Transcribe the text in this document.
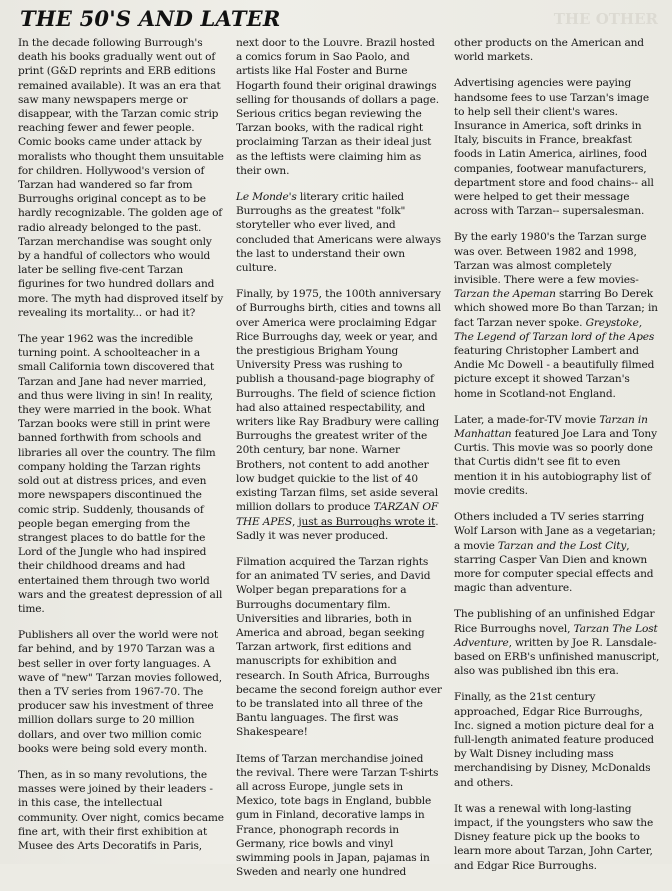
THE OTHER
THE 50'S AND LATER

In the decade following Burrough's death his books gradually went out of print (G&D reprints and ERB editions remained available). It was an era that saw many newspapers merge or disappear, with the Tarzan comic strip reaching fewer and fewer people. Comic books came under attack by moralists who thought them unsuitable for children. Hollywood's version of Tarzan had wandered so far from Burroughs original concept as to be hardly recognizable. The golden age of radio already belonged to the past. Tarzan merchandise was sought only by a handful of collectors who would later be selling five-cent Tarzan figurines for two hundred dollars and more. The myth had disproved itself by revealing its mortality... or had it?

The year 1962 was the incredible turning point. A schoolteacher in a small California town discovered that Tarzan and Jane had never married, and thus were living in sin! In reality, they were married in the book. What Tarzan books were still in print were banned forthwith from schools and libraries all over the country. The film company holding the Tarzan rights sold out at distress prices, and even more newspapers discontinued the comic strip. Suddenly, thousands of people began emerging from the strangest places to do battle for the Lord of the Jungle who had inspired their childhood dreams and had entertained them through two world wars and the greatest depression of all time.

Publishers all over the world were not far behind, and by 1970 Tarzan was a best seller in over forty languages. A wave of "new" Tarzan movies followed, then a TV series from 1967-70. The producer saw his investment of three million dollars surge to 20 million dollars, and over two million comic books were being sold every month.

Then, as in so many revolutions, the masses were joined by their leaders - in this case, the intellectual community. Over night, comics became fine art, with their first exhibition at Musee des Arts Decoratifs in Paris,

next door to the Louvre. Brazil hosted a comics forum in Sao Paolo, and artists like Hal Foster and Burne Hogarth found their original drawings selling for thousands of dollars a page. Serious critics began reviewing the Tarzan books, with the radical right proclaiming Tarzan as their ideal just as the leftists were claiming him as their own.

Le Monde's literary critic hailed Burroughs as the greatest "folk" storyteller who ever lived, and concluded that Americans were always the last to understand their own culture.

Finally, by 1975, the 100th anniversary of Burroughs birth, cities and towns all over America were proclaiming Edgar Rice Burroughs day, week or year, and the prestigious Brigham Young University Press was rushing to publish a thousand-page biography of Burroughs. The field of science fiction had also attained respectability, and writers like Ray Bradbury were calling Burroughs the greatest writer of the 20th century, bar none. Warner Brothers, not content to add another low budget quickie to the list of 40 existing Tarzan films, set aside several million dollars to produce TARZAN OF THE APES, just as Burroughs wrote it. Sadly it was never produced.

Filmation acquired the Tarzan rights for an animated TV series, and David Wolper began preparations for a Burroughs documentary film. Universities and libraries, both in America and abroad, began seeking Tarzan artwork, first editions and manuscripts for exhibition and research. In South Africa, Burroughs became the second foreign author ever to be translated into all three of the Bantu languages. The first was Shakespeare!

Items of Tarzan merchandise joined the revival. There were Tarzan T-shirts all across Europe, jungle sets in Mexico, tote bags in England, bubble gum in Finland, decorative lamps in France, phonograph records in Germany, rice bowls and vinyl swimming pools in Japan, pajamas in Sweden and nearly one hundred

other products on the American and world markets.

Advertising agencies were paying handsome fees to use Tarzan's image to help sell their client's wares. Insurance in America, soft drinks in Italy, biscuits in France, breakfast foods in Latin America, airlines, food companies, footwear manufacturers, department store and food chains-- all were helped to get their message across with Tarzan-- supersalesman.

By the early 1980's the Tarzan surge was over. Between 1982 and 1998, Tarzan was almost completely invisible. There were a few movies-Tarzan the Apeman starring Bo Derek which showed more Bo than Tarzan; in fact Tarzan never spoke. Greystoke, The Legend of Tarzan lord of the Apes featuring Christopher Lambert and Andie Mc Dowell - a beautifully filmed picture except it showed Tarzan's home in Scotland-not England.

Later, a made-for-TV movie Tarzan in Manhattan featured Joe Lara and Tony Curtis. This movie was so poorly done that Curtis didn't see fit to even mention it in his autobiography list of movie credits.

Others included a TV series starring Wolf Larson with Jane as a vegetarian; a movie Tarzan and the Lost City, starring Casper Van Dien and known more for computer special effects and magic than adventure.

The publishing of an unfinished Edgar Rice Burroughs novel, Tarzan The Lost Adventure, written by Joe R. Lansdale-based on ERB's unfinished manuscript, also was published ibn this era.

Finally, as the 21st century approached, Edgar Rice Burroughs, Inc. signed a motion picture deal for a full-length animated feature produced by Walt Disney including mass merchandising by Disney, McDonalds and others.

It was a renewal with long-lasting impact, if the youngsters who saw the Disney feature pick up the books to learn more about Tarzan, John Carter, and Edgar Rice Burroughs.
